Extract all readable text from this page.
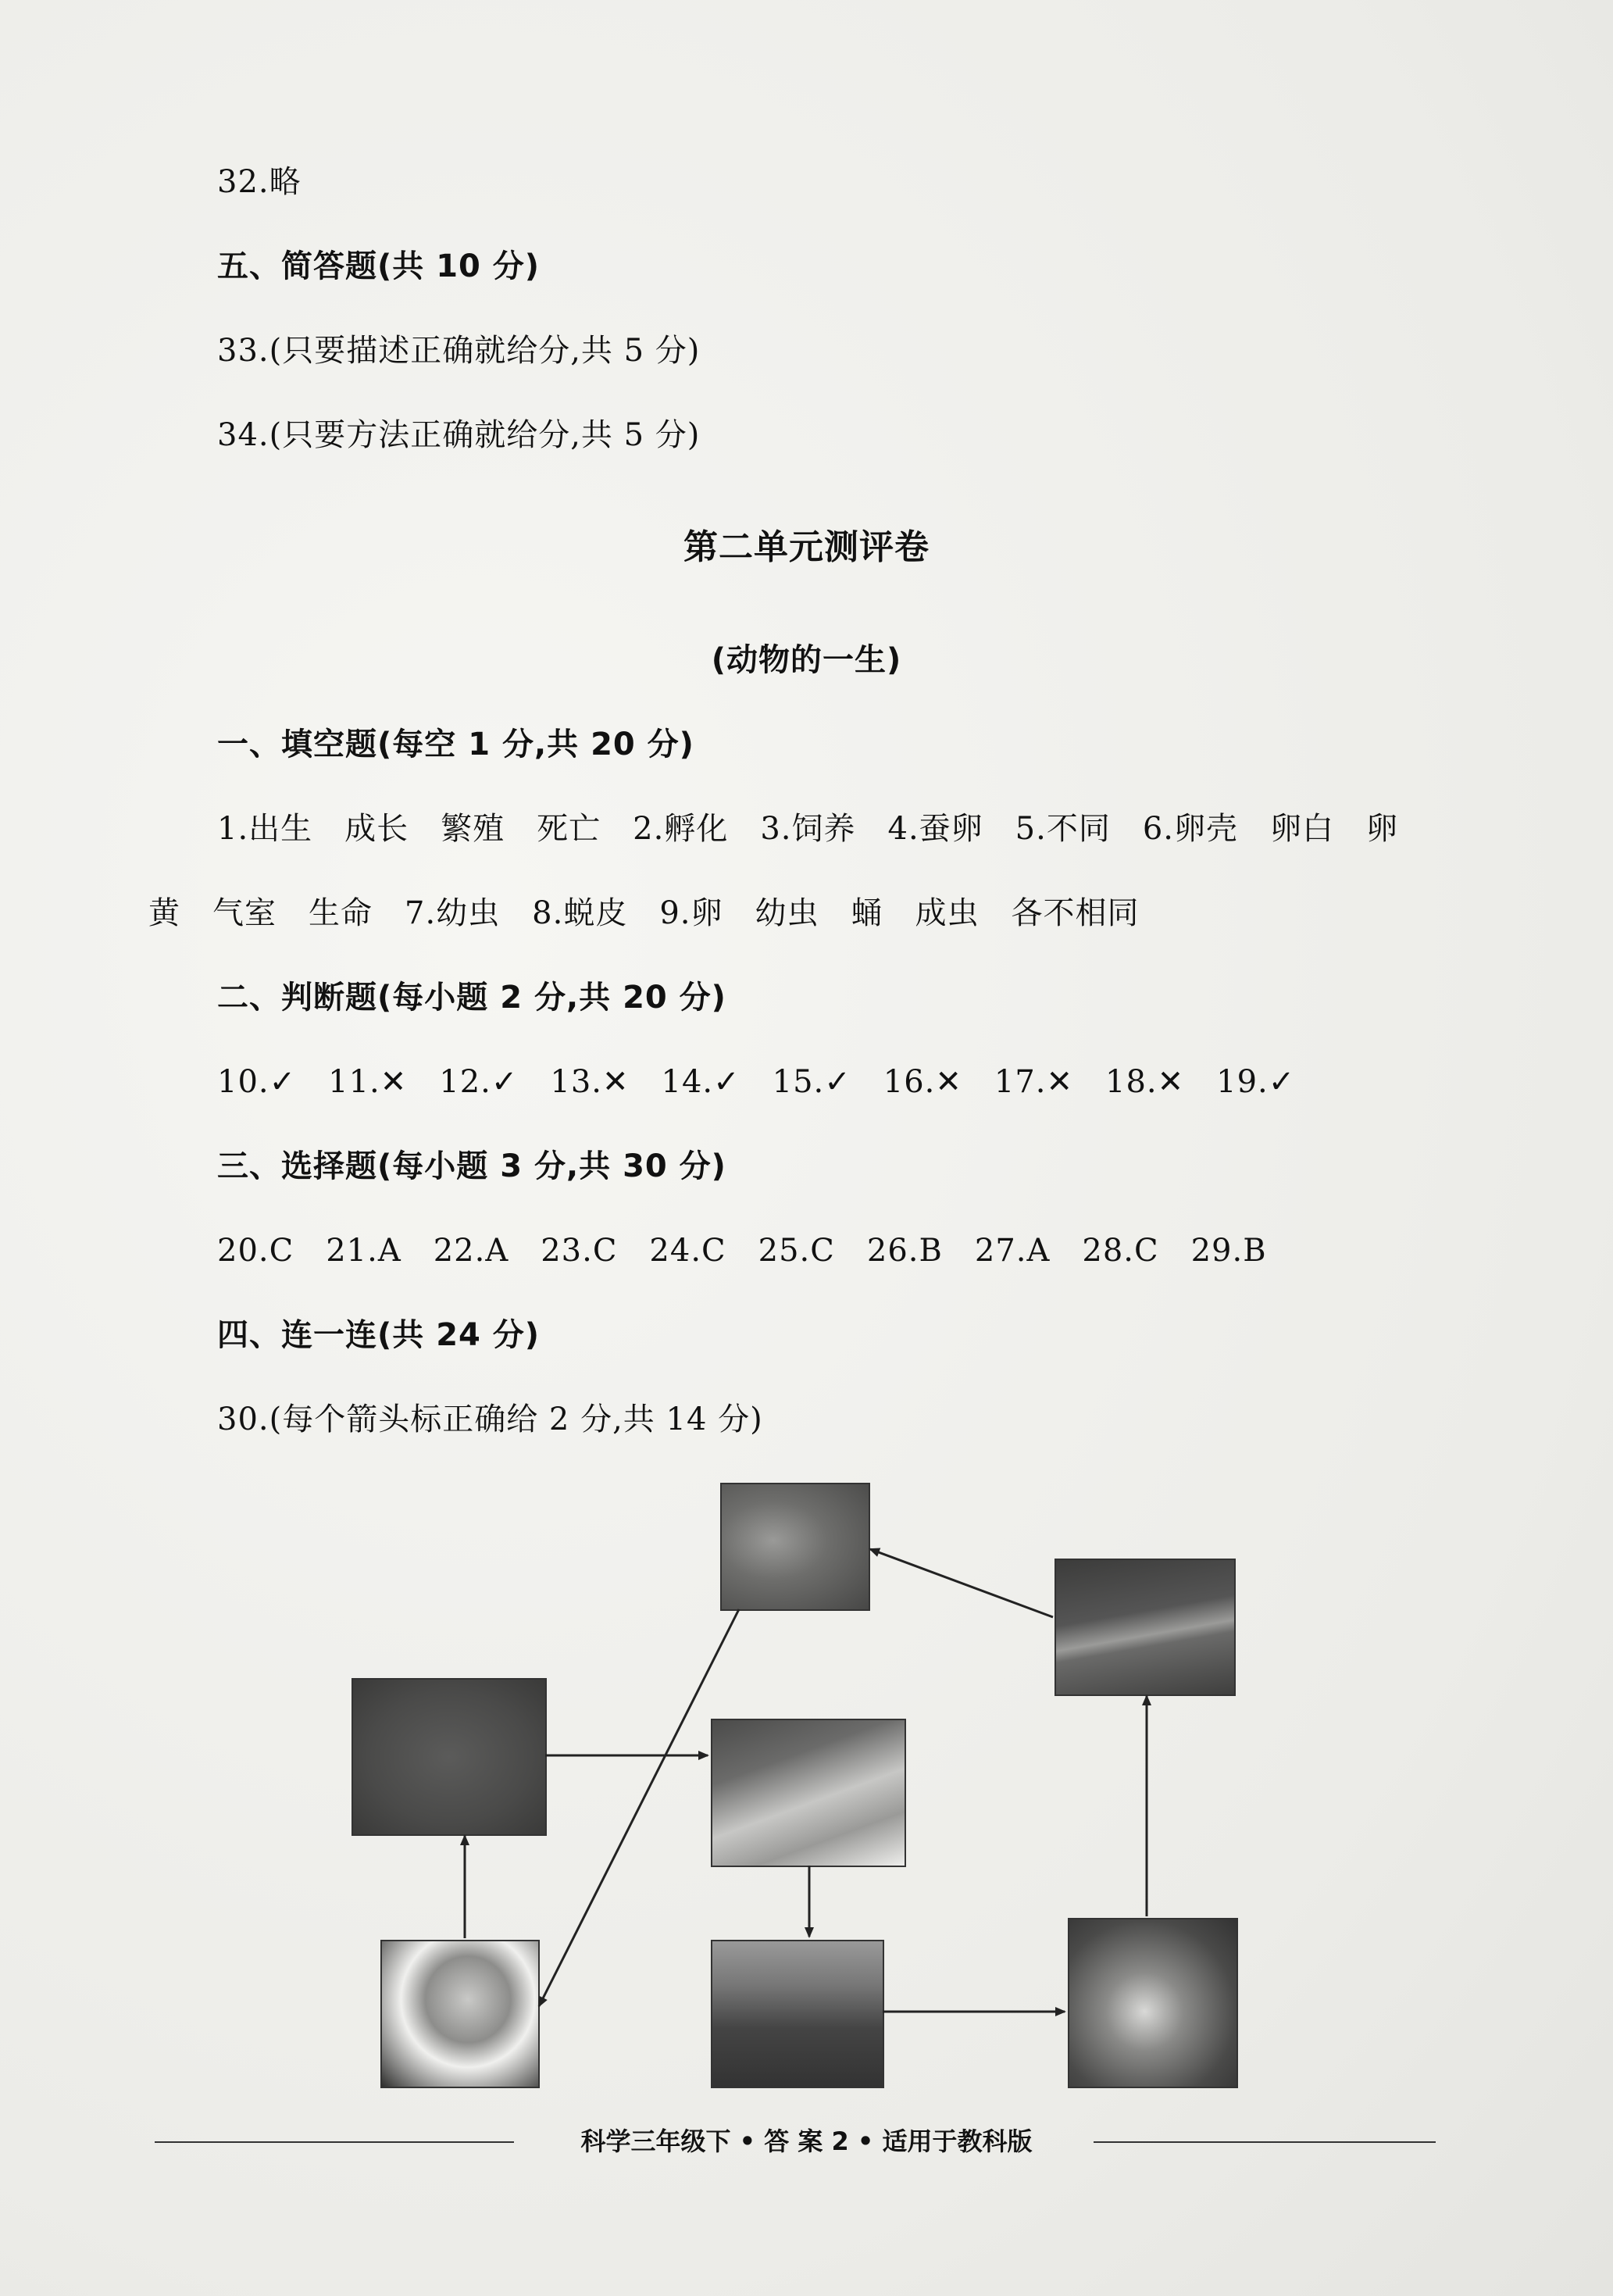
32.略
五、简答题(共 10 分)
33.(只要描述正确就给分,共 5 分)
34.(只要方法正确就给分,共 5 分)
第二单元测评卷
(动物的一生)
一、填空题(每空 1 分,共 20 分)
1.出生　成长　繁殖　死亡　2.孵化　3.饲养　4.蚕卵　5.不同　6.卵壳　卵白　卵
黄　气室　生命　7.幼虫　8.蜕皮　9.卵　幼虫　蛹　成虫　各不相同
二、判断题(每小题 2 分,共 20 分)
10.✓　11.✕　12.✓　13.✕　14.✓　15.✓　16.✕　17.✕　18.✕　19.✓
三、选择题(每小题 3 分,共 30 分)
20.C　21.A　22.A　23.C　24.C　25.C　26.B　27.A　28.C　29.B
四、连一连(共 24 分)
30.(每个箭头标正确给 2 分,共 14 分)
科学三年级下 • 答 案 2 • 适用于教科版
